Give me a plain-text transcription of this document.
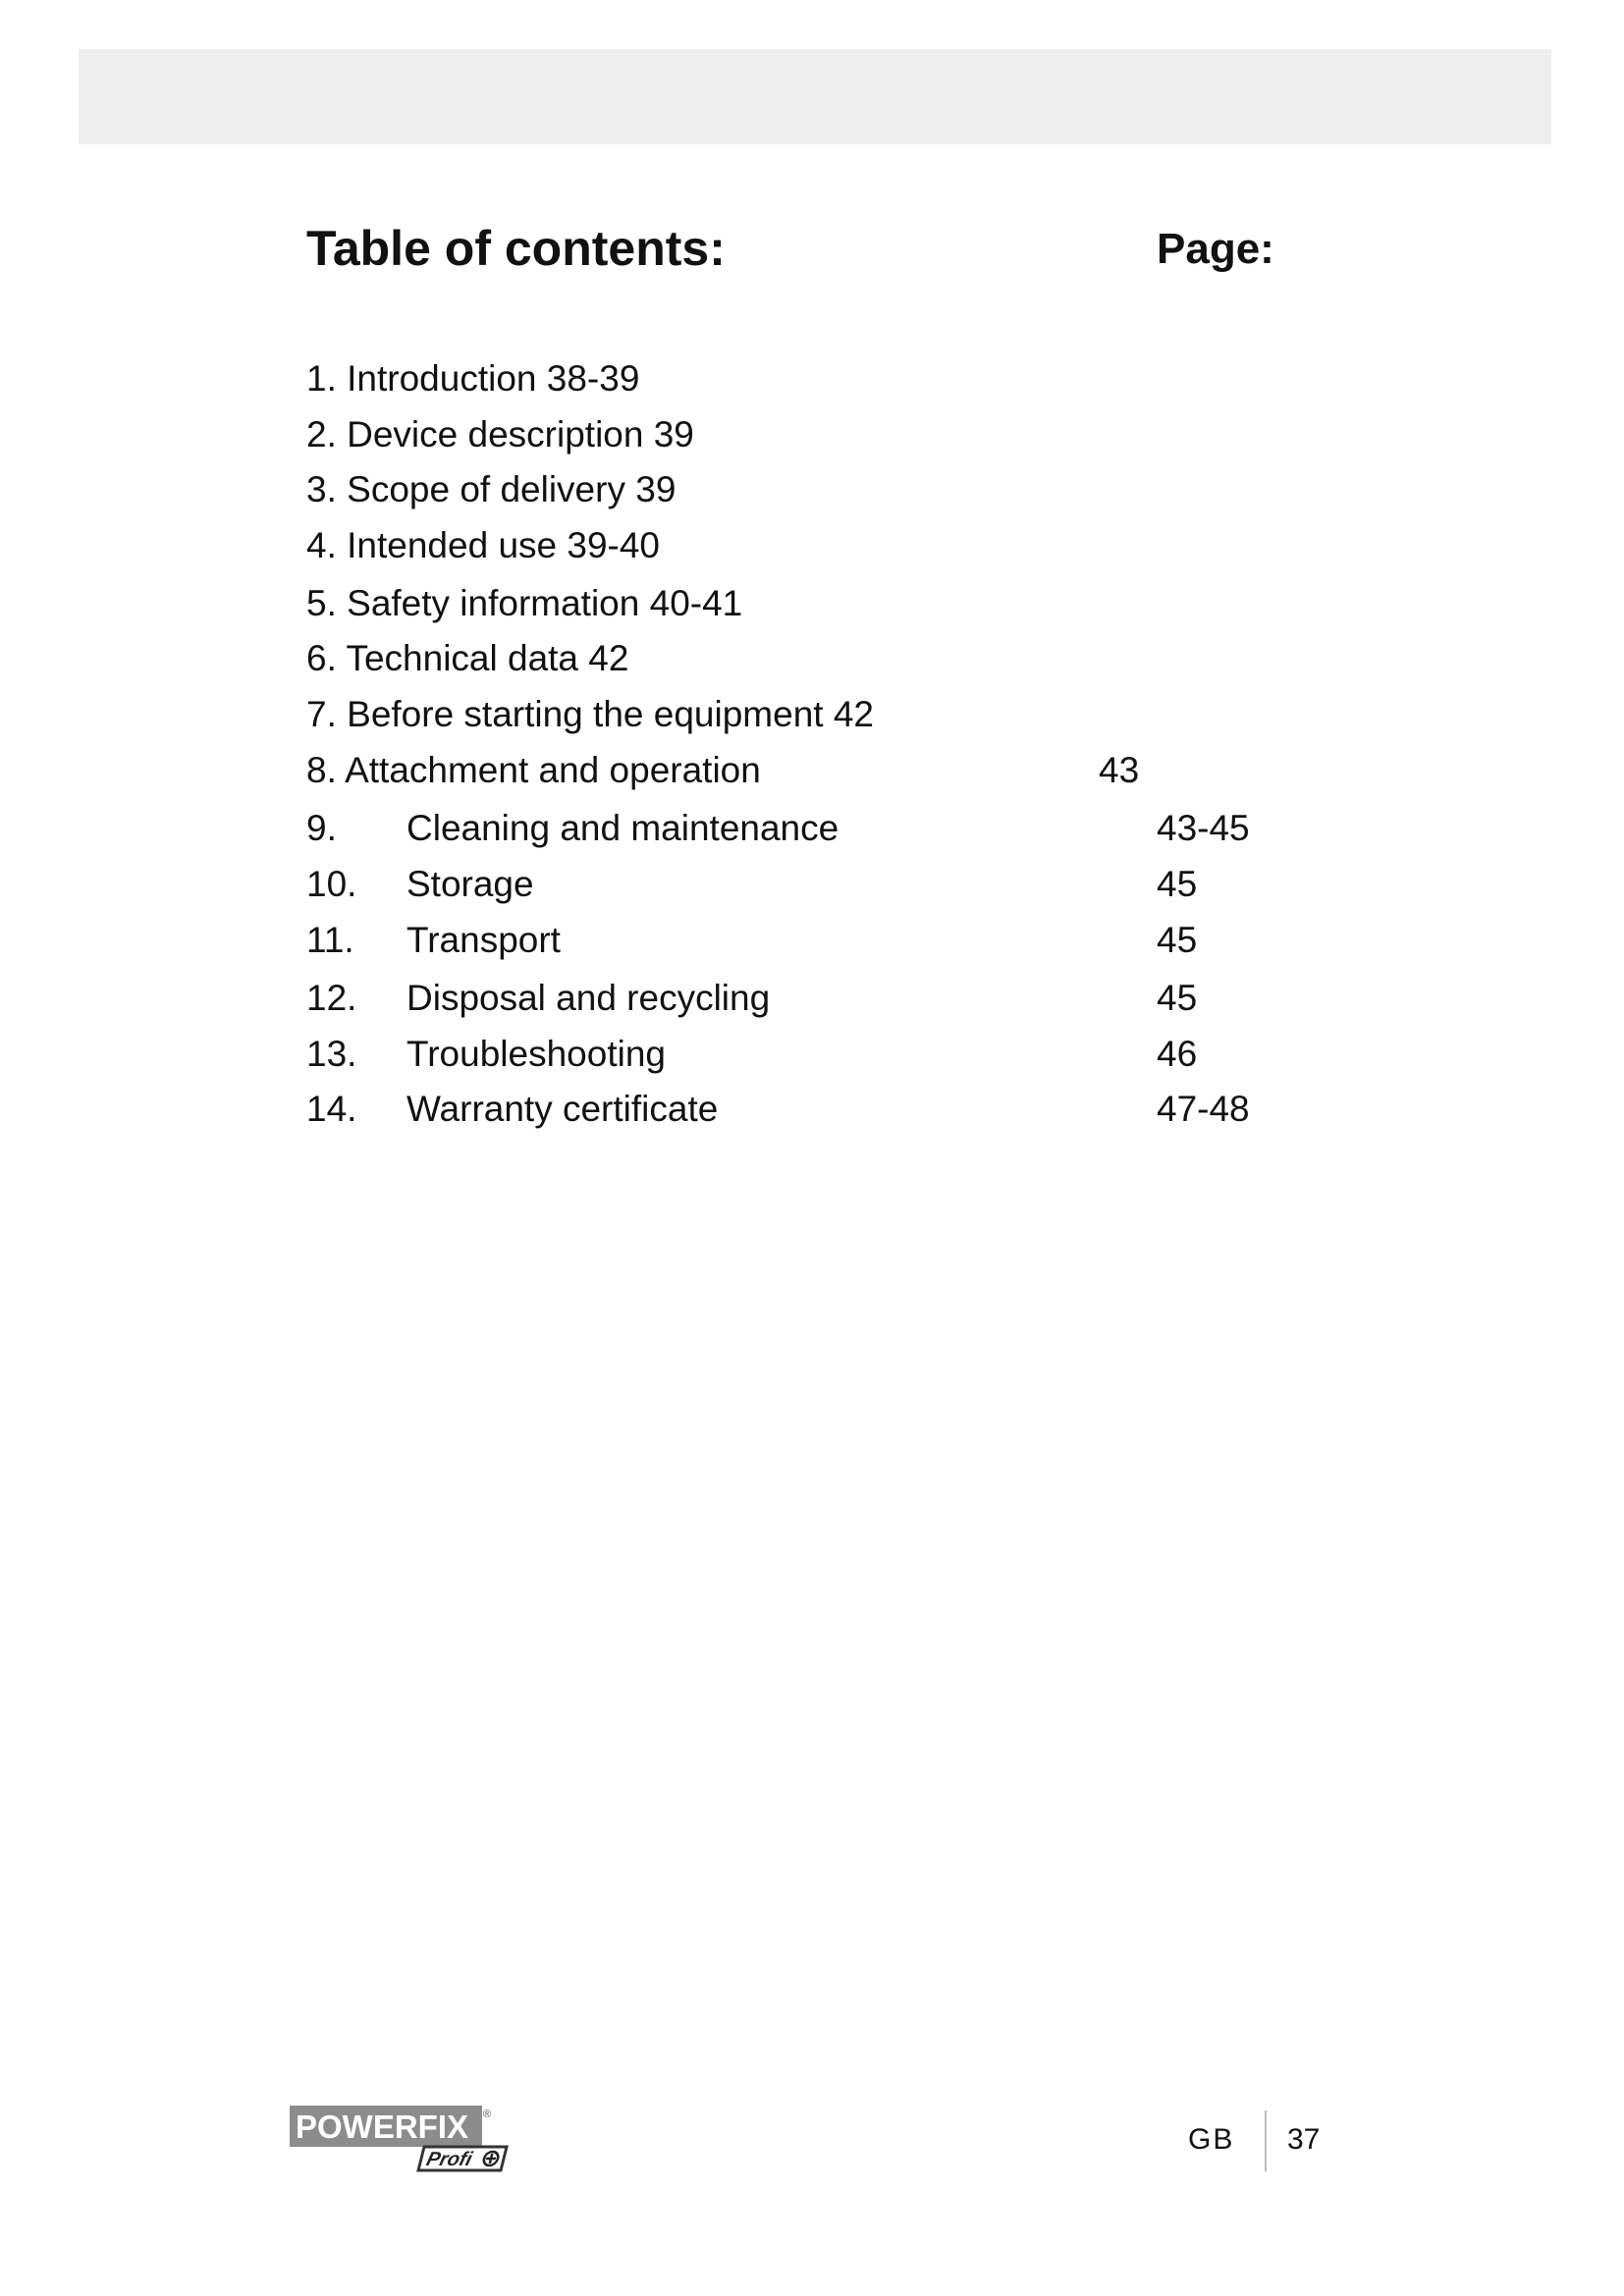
Table of contents:	Page:
1. Introduction 38-39
2. Device description 39
3. Scope of delivery 39
4. Intended use 39-40
5. Safety information 40-41
6. Technical data 42
7. Before starting the equipment 42
8. Attachment and operation	43
9. Cleaning and maintenance	43-45
10. Storage	45
11. Transport	45
12. Disposal and recycling	45
13. Troubleshooting	46
14. Warranty certificate	47-48
POWERFIX ®
Profi
GB 37
